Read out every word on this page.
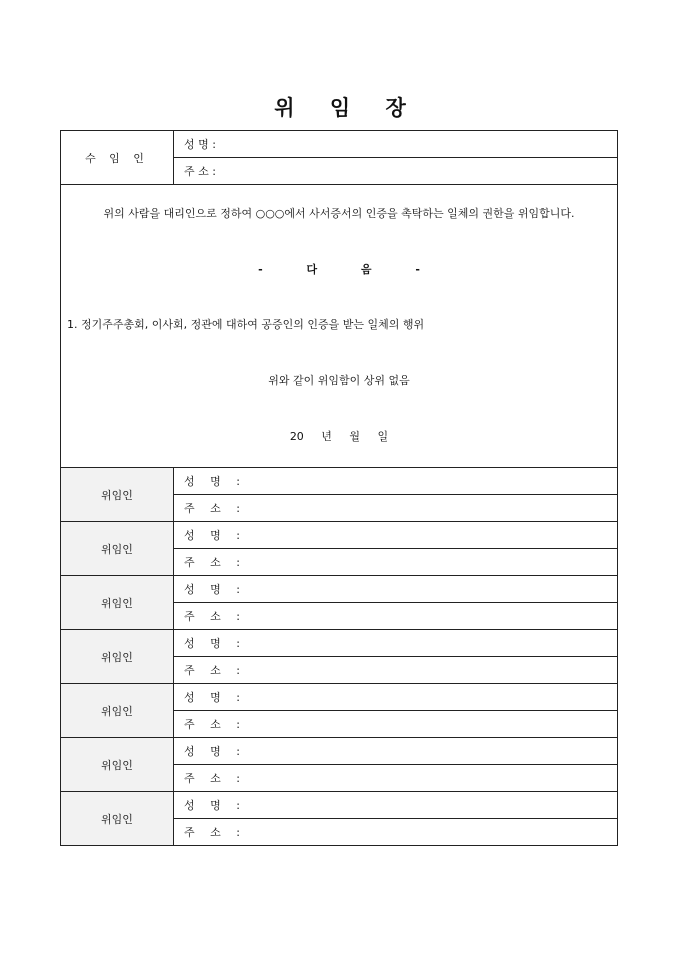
위 임 장
수 임 인	성 명 :
	주 소 :

위의 사람을 대리인으로 정하여 ○○○에서 사서증서의 인증을 촉탁하는 일체의 권한을 위임합니다.

- 다 음 -

1. 정기주주총회, 이사회, 정관에 대하여 공증인의 인증을 받는 일체의 행위

위와 같이 위임함이 상위 없음

20 년 월 일	

위임인	성 명 :
	주 소 :
위임인	성 명 :
	주 소 :
위임인	성 명 :
	주 소 :
위임인	성 명 :
	주 소 :
위임인	성 명 :
	주 소 :
위임인	성 명 :
	주 소 :
위임인	성 명 :
	주 소 :
